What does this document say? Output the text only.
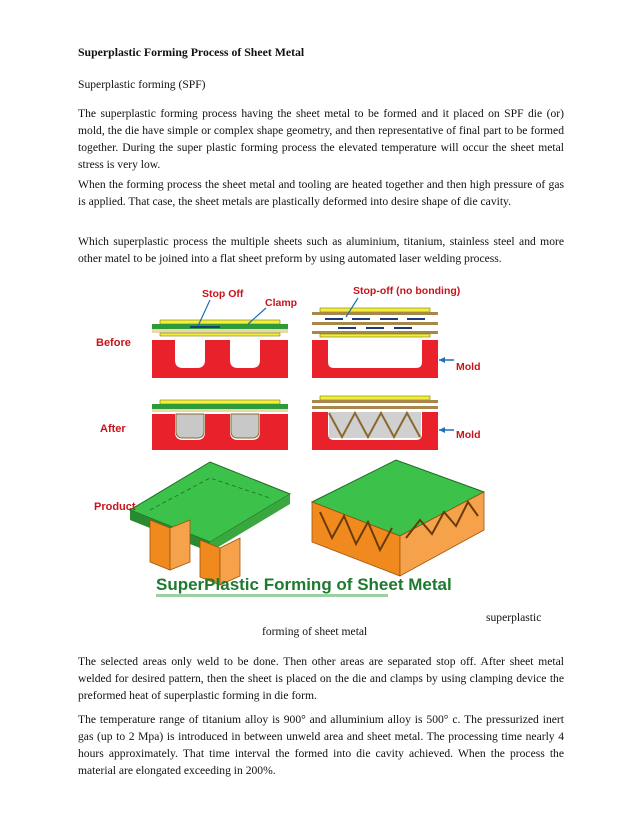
Superplastic Forming Process of Sheet Metal

Superplastic forming (SPF)

The superplastic forming process having the sheet metal to be formed and it placed on SPF die (or) mold, the die have simple or complex shape geometry, and then representative of final part to be formed together. During the super plastic forming process the elevated temperature will occur the sheet metal stress is very low.

When the forming process the sheet metal and tooling are heated together and then high pressure of gas is applied. That case, the sheet metals are plastically deformed into desire shape of die cavity.

Which superplastic process the multiple sheets such as aluminium, titanium, stainless steel and more other matel to be joined into a flat sheet preform by using automated laser welding process.

Stop Off
Clamp
Stop-off (no bonding)
Before
After
Product
Mold
Mold
SuperPlastic Forming of Sheet Metal
superplastic
forming of sheet metal

The selected areas only weld to be done. Then other areas are separated stop off. After sheet metal welded for desired pattern, then the sheet is placed on the die and clamps by using clamping device the preformed heat of superplastic forming in die form.

The temperature range of titanium alloy is 900° and alluminium alloy is 500° c. The pressurized inert gas (up to 2 Mpa) is introduced in between unweld area and sheet metal. The processing time nearly 4 hours approximately. That time interval the formed into die cavity achieved. When the process the material are elongated exceeding in 200%.
